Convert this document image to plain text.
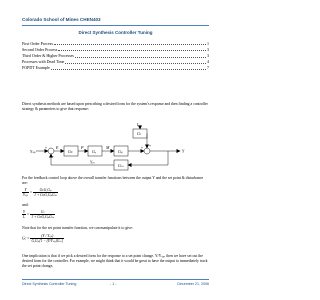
Colorado School of Mines CHEN403
Direct Synthesis Controller Tuning
First Order Process	1
Second Order Process	3
Third Order & Higher Processes	3
Processes with Dead Time	4
FOPDT Example	7
Direct synthesis methods are based upon prescribing a desired form for the system's response and then finding a controller strategy & parameters to give that response:
Yₛₚ	Y
L
Gᴄ	Gᵥ	Gₚ
Gₗ
Gₘ
E	P	M
Yₘ
+
−
+ +
For the feedback control loop above the overall transfer functions between the output Y and the set point & disturbance are:
$\frac{Y}{\text{Yₛₚ}} = \frac{\text{GᴄGᵥGₚ}}{\text{1 + GᴄGᵥGₚGₘ}}$
and:
$\frac{Y}{L} = \frac{\text{Gₗ}}{\text{1 + GᴄGᵥGₚGₘ}}$
Note that for the set point transfer function, we can manipulate it to give:
Gᴄ = $\frac{\text{(Y / Yₛₚ)}}{\text{GᵥGₚ[1 − (Y/Yₛₚ)Gₘ]}}$
One implication is that if we pick a desired form for the response to a set point change, Y/Yₛₚ, then we have set out the desired form for the controller. For example, we might think that it would be great to have the output to immediately track the set point change,
Direct Synthesis Controller Tuning	- 1 -	December 21, 2006
